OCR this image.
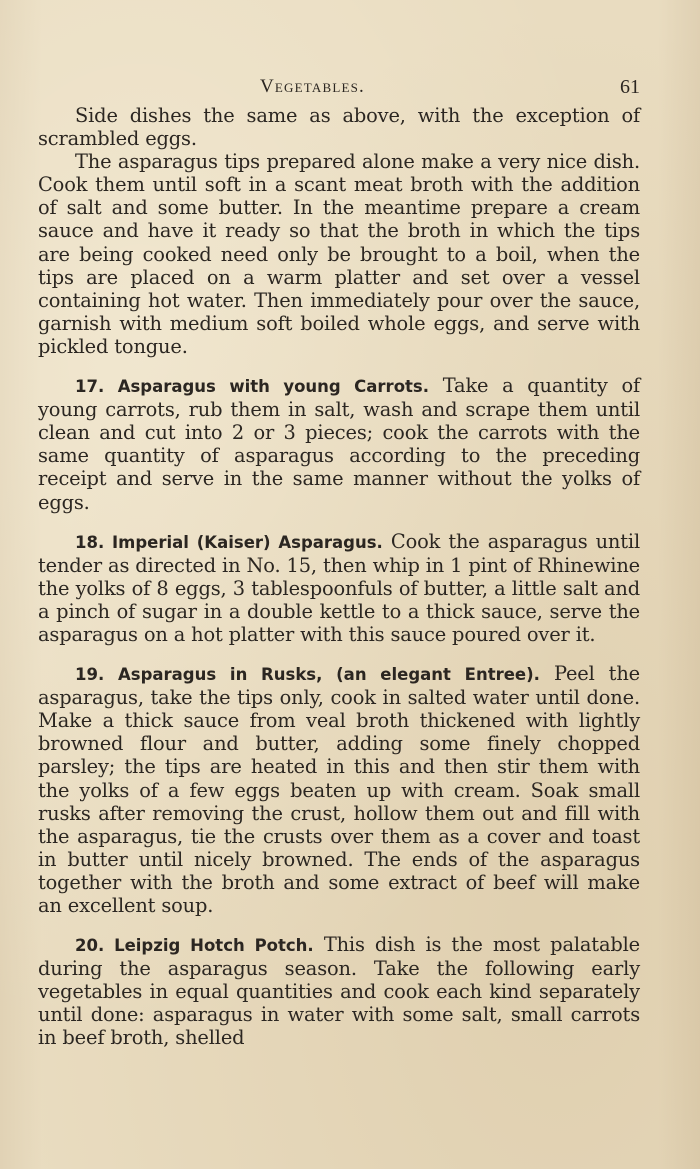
Vegetables.	61

Side dishes the same as above, with the exception of scrambled eggs.

The asparagus tips prepared alone make a very nice dish. Cook them until soft in a scant meat broth with the addition of salt and some butter. In the meantime prepare a cream sauce and have it ready so that the broth in which the tips are being cooked need only be brought to a boil, when the tips are placed on a warm platter and set over a vessel containing hot water. Then immediately pour over the sauce, garnish with medium soft boiled whole eggs, and serve with pickled tongue.

17. Asparagus with young Carrots. Take a quantity of young carrots, rub them in salt, wash and scrape them until clean and cut into 2 or 3 pieces; cook the carrots with the same quantity of asparagus according to the preceding receipt and serve in the same manner without the yolks of eggs.

18. Imperial (Kaiser) Asparagus. Cook the asparagus until tender as directed in No. 15, then whip in 1 pint of Rhinewine the yolks of 8 eggs, 3 tablespoonfuls of butter, a little salt and a pinch of sugar in a double kettle to a thick sauce, serve the asparagus on a hot platter with this sauce poured over it.

19. Asparagus in Rusks, (an elegant Entree). Peel the asparagus, take the tips only, cook in salted water until done. Make a thick sauce from veal broth thickened with lightly browned flour and butter, adding some finely chopped parsley; the tips are heated in this and then stir them with the yolks of a few eggs beaten up with cream. Soak small rusks after removing the crust, hollow them out and fill with the asparagus, tie the crusts over them as a cover and toast in butter until nicely browned. The ends of the asparagus together with the broth and some extract of beef will make an excellent soup.

20. Leipzig Hotch Potch. This dish is the most palatable during the asparagus season. Take the following early vegetables in equal quantities and cook each kind separately until done: asparagus in water with some salt, small carrots in beef broth, shelled
